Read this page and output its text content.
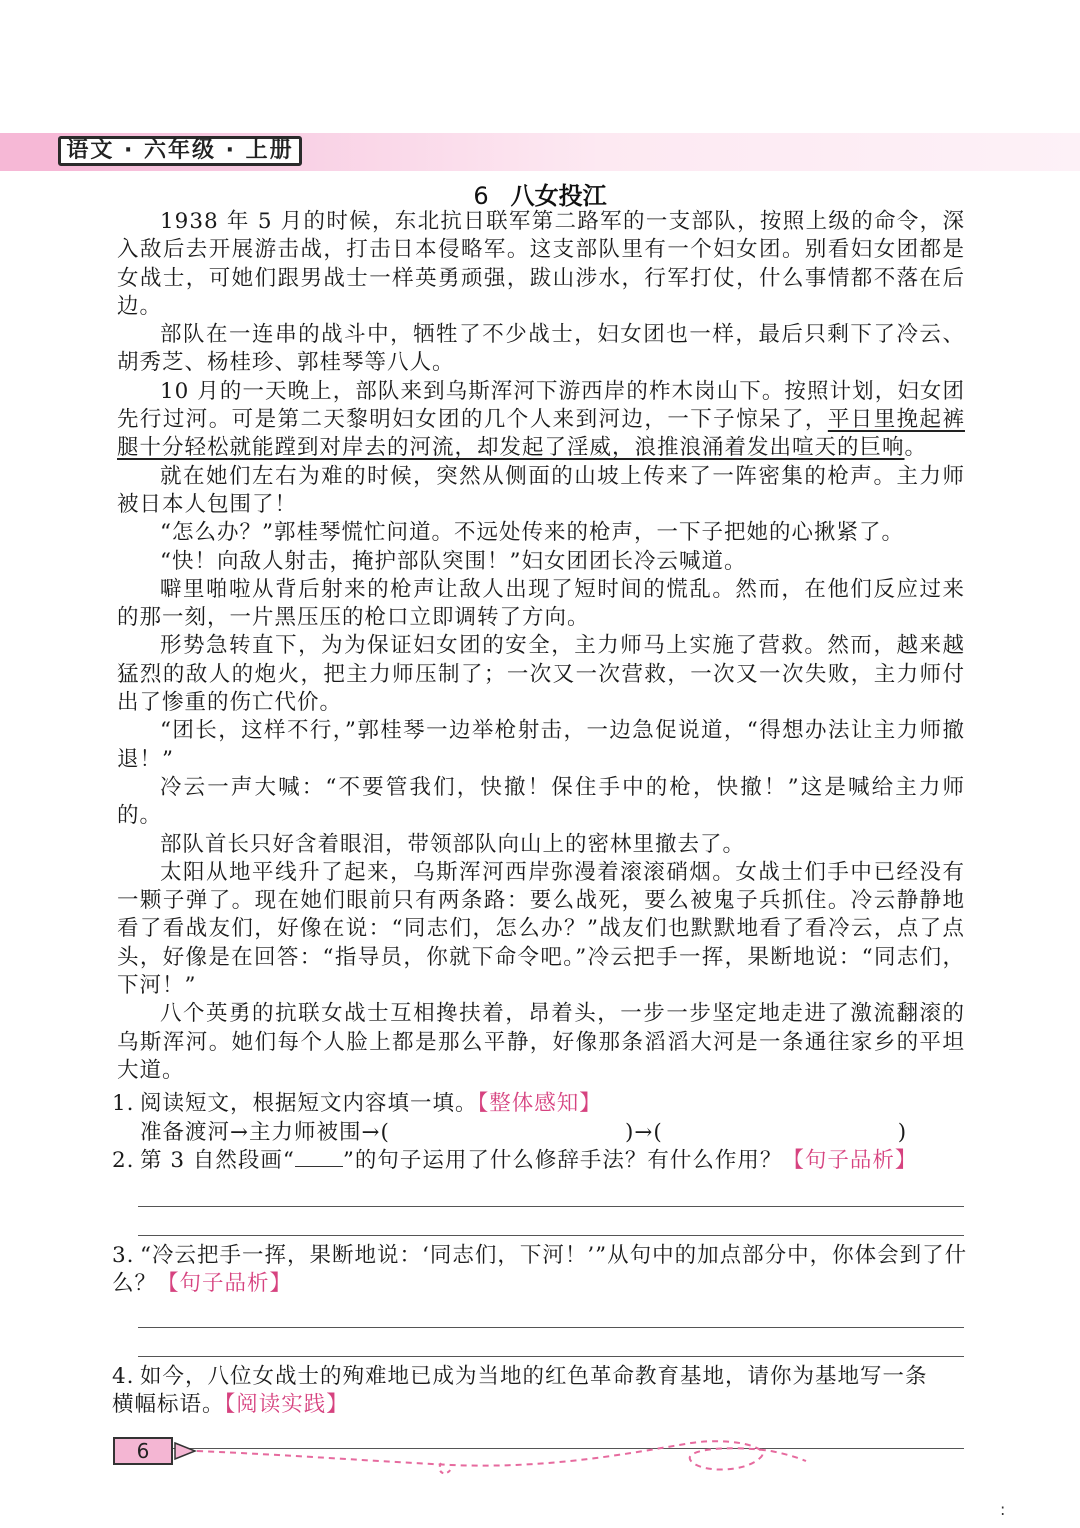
语文 · 六年级 · 上册
6 八女投江

1938 年 5 月的时候，东北抗日联军第二路军的一支部队，按照上级的命令，深入敌后去开展游击战，打击日本侵略军。这支部队里有一个妇女团。别看妇女团都是女战士，可她们跟男战士一样英勇顽强，跋山涉水，行军打仗，什么事情都不落在后边。

部队在一连串的战斗中，牺牲了不少战士，妇女团也一样，最后只剩下了冷云、胡秀芝、杨桂珍、郭桂琴等八人。

10 月的一天晚上，部队来到乌斯浑河下游西岸的柞木岗山下。按照计划，妇女团先行过河。可是第二天黎明妇女团的几个人来到河边，一下子惊呆了，平日里挽起裤腿十分轻松就能蹚到对岸去的河流，却发起了淫威，浪推浪涌着发出喧天的巨响。

就在她们左右为难的时候，突然从侧面的山坡上传来了一阵密集的枪声。主力师被日本人包围了！

“怎么办？”郭桂琴慌忙问道。不远处传来的枪声，一下子把她的心揪紧了。

“快！向敌人射击，掩护部队突围！”妇女团团长冷云喊道。

噼里啪啦从背后射来的枪声让敌人出现了短时间的慌乱。然而，在他们反应过来的那一刻，一片黑压压的枪口立即调转了方向。

形势急转直下，为为保证妇女团的安全，主力师马上实施了营救。然而，越来越猛烈的敌人的炮火，把主力师压制了；一次又一次营救，一次又一次失败，主力师付出了惨重的伤亡代价。

“团长，这样不行，”郭桂琴一边举枪射击，一边急促说道，“得想办法让主力师撤退！”

冷云一声大喊：“不要管我们，快撤！保住手中的枪，快撤！”这是喊给主力师的。

部队首长只好含着眼泪，带领部队向山上的密林里撤去了。

太阳从地平线升了起来，乌斯浑河西岸弥漫着滚滚硝烟。女战士们手中已经没有一颗子弹了。现在她们眼前只有两条路：要么战死，要么被鬼子兵抓住。冷云静静地看了看战友们，好像在说：“同志们，怎么办？”战友们也默默地看了看冷云，点了点头，好像是在回答：“指导员，你就下命令吧。”冷云把手一挥，果断地说：“同志们，下河！”

八个英勇的抗联女战士互相搀扶着，昂着头，一步一步坚定地走进了激流翻滚的乌斯浑河。她们每个人脸上都是那么平静，好像那条滔滔大河是一条通往家乡的平坦大道。

1. 阅读短文，根据短文内容填一填。【整体感知】
准备渡河→主力师被围→(                              )→(                              )
2. 第 3 自然段画“ ”的句子运用了什么修辞手法？有什么作用？【句子品析】
3. “冷云把手一挥，果断地说：‘同志们，下河！’”从句中的加点部分中，你体会到了什
么？【句子品析】
4. 如今，八位女战士的殉难地已成为当地的红色革命教育基地，请你为基地写一条
横幅标语。【阅读实践】
6
:
